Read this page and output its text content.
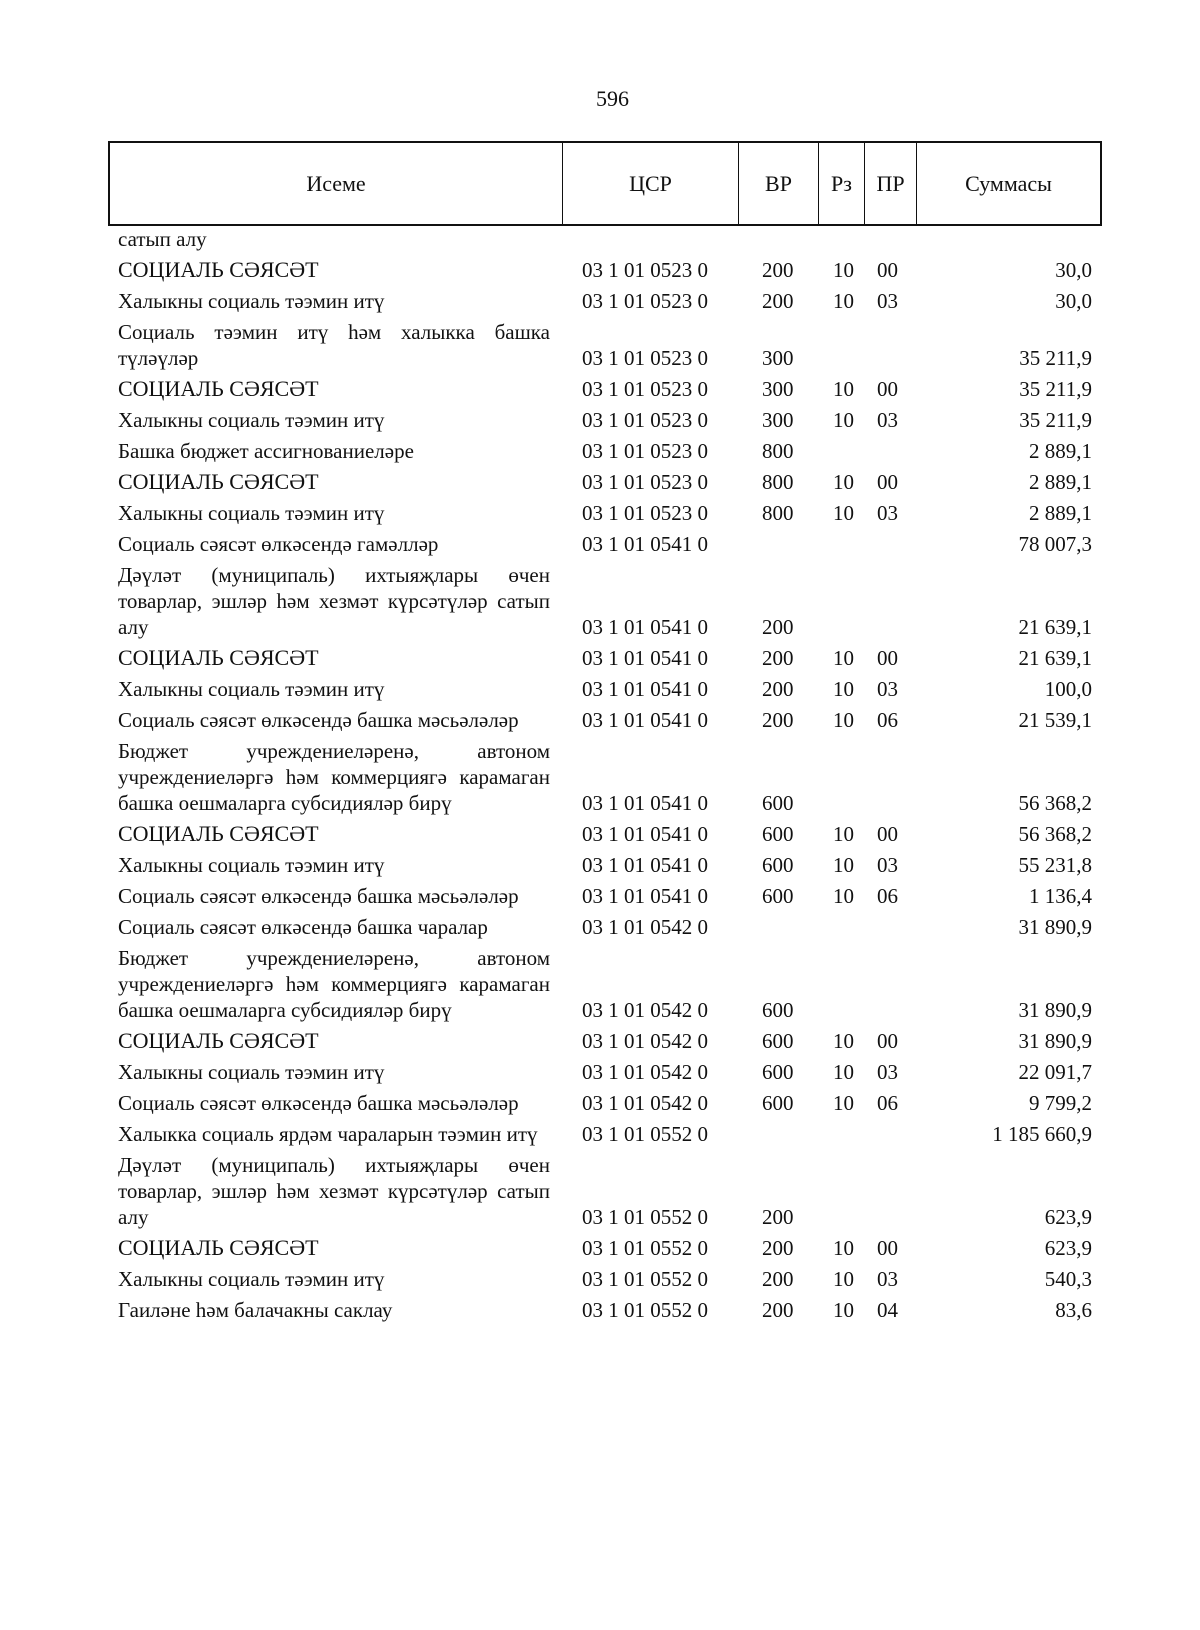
596
Исеме	ЦСР	ВР	Рз	ПР	Суммасы
сатып алу
СОЦИАЛЬ СӘЯСӘТ	03 1 01 0523 0	200 10 00	30,0
Халыкны социаль тәэмин итү	03 1 01 0523 0	200 10 03	30,0
Социаль тәэмин итү һәм халыкка башка түләүләр	03 1 01 0523 0	300	35 211,9
СОЦИАЛЬ СӘЯСӘТ	03 1 01 0523 0	300 10 00	35 211,9
Халыкны социаль тәэмин итү	03 1 01 0523 0	300 10 03	35 211,9
Башка бюджет ассигнованиеләре	03 1 01 0523 0	800	2 889,1
СОЦИАЛЬ СӘЯСӘТ	03 1 01 0523 0	800 10 00	2 889,1
Халыкны социаль тәэмин итү	03 1 01 0523 0	800 10 03	2 889,1
Социаль сәясәт өлкәсендә гамәлләр	03 1 01 0541 0	78 007,3
Дәүләт (муниципаль) ихтыяҗлары өчен товарлар, эшләр һәм хезмәт күрсәтүләр сатып алу	03 1 01 0541 0	200	21 639,1
СОЦИАЛЬ СӘЯСӘТ	03 1 01 0541 0	200 10 00	21 639,1
Халыкны социаль тәэмин итү	03 1 01 0541 0	200 10 03	100,0
Социаль сәясәт өлкәсендә башка мәсьәләләр	03 1 01 0541 0	200 10 06	21 539,1
Бюджет учреждениеләренә, автоном учреждениеләргә һәм коммерциягә карамаган башка оешмаларга субсидияләр бирү	03 1 01 0541 0	600	56 368,2
СОЦИАЛЬ СӘЯСӘТ	03 1 01 0541 0	600 10 00	56 368,2
Халыкны социаль тәэмин итү	03 1 01 0541 0	600 10 03	55 231,8
Социаль сәясәт өлкәсендә башка мәсьәләләр	03 1 01 0541 0	600 10 06	1 136,4
Социаль сәясәт өлкәсендә башка чаралар	03 1 01 0542 0	31 890,9
Бюджет учреждениеләренә, автоном учреждениеләргә һәм коммерциягә карамаган башка оешмаларга субсидияләр бирү	03 1 01 0542 0	600	31 890,9
СОЦИАЛЬ СӘЯСӘТ	03 1 01 0542 0	600 10 00	31 890,9
Халыкны социаль тәэмин итү	03 1 01 0542 0	600 10 03	22 091,7
Социаль сәясәт өлкәсендә башка мәсьәләләр	03 1 01 0542 0	600 10 06	9 799,2
Халыкка социаль ярдәм чараларын тәэмин итү	03 1 01 0552 0	1 185 660,9
Дәүләт (муниципаль) ихтыяҗлары өчен товарлар, эшләр һәм хезмәт күрсәтүләр сатып алу	03 1 01 0552 0	200	623,9
СОЦИАЛЬ СӘЯСӘТ	03 1 01 0552 0	200 10 00	623,9
Халыкны социаль тәэмин итү	03 1 01 0552 0	200 10 03	540,3
Гаиләне һәм балачакны саклау	03 1 01 0552 0	200 10 04	83,6
